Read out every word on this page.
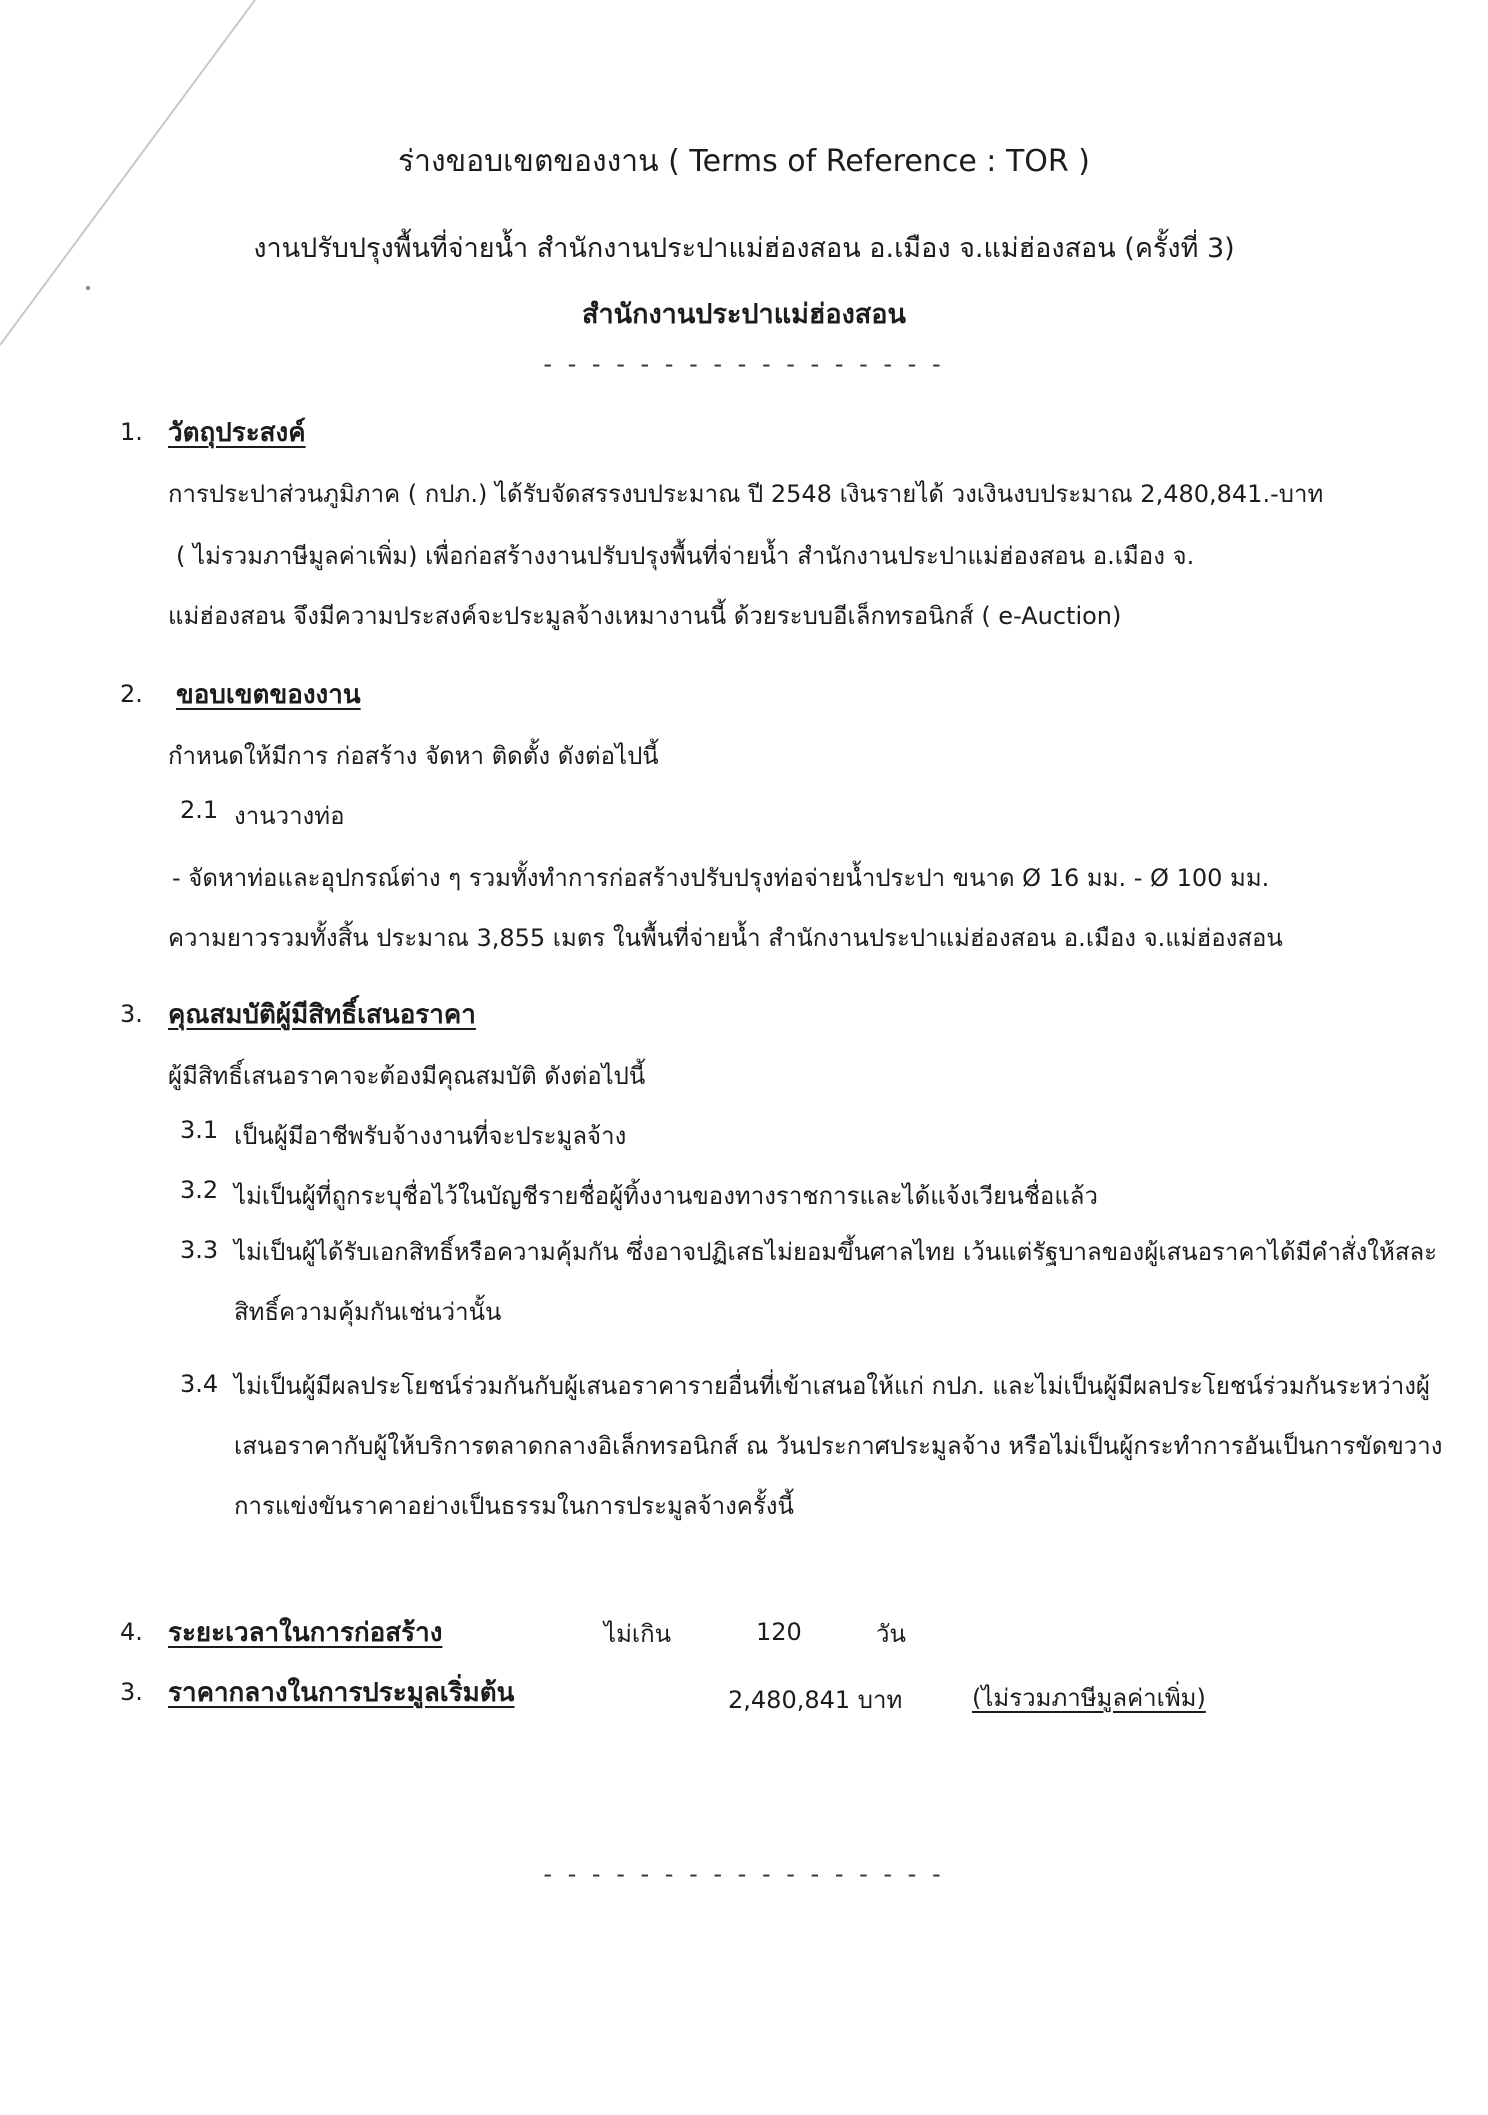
ร่างขอบเขตของงาน ( Terms of Reference : TOR )
งานปรับปรุงพื้นที่จ่ายน้ำ สำนักงานประปาแม่ฮ่องสอน อ.เมือง จ.แม่ฮ่องสอน (ครั้งที่ 3)
สำนักงานประปาแม่ฮ่องสอน
- - - - - - - - - - - - - - - - -
1. วัตถุประสงค์
การประปาส่วนภูมิภาค ( กปภ.) ได้รับจัดสรรงบประมาณ ปี 2548 เงินรายได้ วงเงินงบประมาณ 2,480,841.-บาท
( ไม่รวมภาษีมูลค่าเพิ่ม) เพื่อก่อสร้างงานปรับปรุงพื้นที่จ่ายน้ำ สำนักงานประปาแม่ฮ่องสอน อ.เมือง จ.
แม่ฮ่องสอน จึงมีความประสงค์จะประมูลจ้างเหมางานนี้ ด้วยระบบอีเล็กทรอนิกส์ ( e-Auction)
2. ขอบเขตของงาน
กำหนดให้มีการ ก่อสร้าง จัดหา ติดตั้ง ดังต่อไปนี้
2.1 งานวางท่อ
- จัดหาท่อและอุปกรณ์ต่าง ๆ รวมทั้งทำการก่อสร้างปรับปรุงท่อจ่ายน้ำประปา ขนาด Ø 16 มม. - Ø 100 มม.
ความยาวรวมทั้งสิ้น ประมาณ 3,855 เมตร ในพื้นที่จ่ายน้ำ สำนักงานประปาแม่ฮ่องสอน อ.เมือง จ.แม่ฮ่องสอน
3. คุณสมบัติผู้มีสิทธิ์เสนอราคา
ผู้มีสิทธิ์เสนอราคาจะต้องมีคุณสมบัติ ดังต่อไปนี้
3.1 เป็นผู้มีอาชีพรับจ้างงานที่จะประมูลจ้าง
3.2 ไม่เป็นผู้ที่ถูกระบุชื่อไว้ในบัญชีรายชื่อผู้ทิ้งงานของทางราชการและได้แจ้งเวียนชื่อแล้ว
3.3 ไม่เป็นผู้ได้รับเอกสิทธิ์หรือความคุ้มกัน ซึ่งอาจปฏิเสธไม่ยอมขึ้นศาลไทย เว้นแต่รัฐบาลของผู้เสนอราคาได้มีคำสั่งให้สละสิทธิ์ความคุ้มกันเช่นว่านั้น
3.4 ไม่เป็นผู้มีผลประโยชน์ร่วมกันกับผู้เสนอราคารายอื่นที่เข้าเสนอให้แก่ กปภ. และไม่เป็นผู้มีผลประโยชน์ร่วมกันระหว่างผู้เสนอราคากับผู้ให้บริการตลาดกลางอิเล็กทรอนิกส์ ณ วันประกาศประมูลจ้าง หรือไม่เป็นผู้กระทำการอันเป็นการขัดขวางการแข่งขันราคาอย่างเป็นธรรมในการประมูลจ้างครั้งนี้
4. ระยะเวลาในการก่อสร้าง	ไม่เกิน	120	วัน
3. ราคากลางในการประมูลเริ่มต้น	2,480,841 บาท	(ไม่รวมภาษีมูลค่าเพิ่ม)
- - - - - - - - - - - - - - - - -
